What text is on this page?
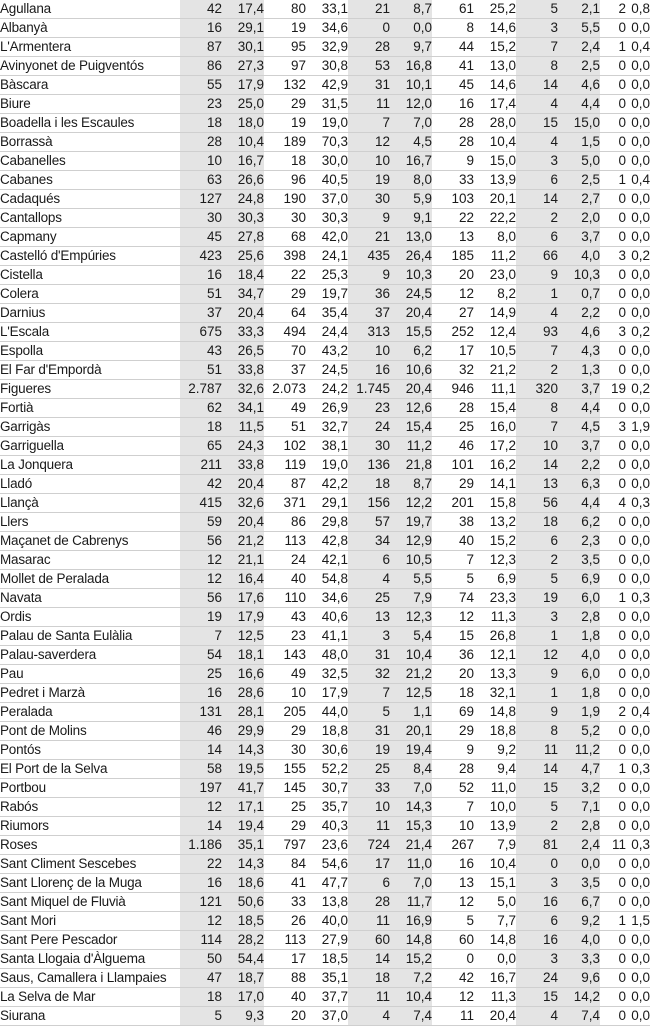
Agullana	42	17,4	80	33,1	21	8,7	61	25,2	5	2,1	2	0,8
Albanyà	16	29,1	19	34,6	0	0,0	8	14,6	3	5,5	0	0,0
L'Armentera	87	30,1	95	32,9	28	9,7	44	15,2	7	2,4	1	0,4
Avinyonet de Puigventós	86	27,3	97	30,8	53	16,8	41	13,0	8	2,5	0	0,0
Bàscara	55	17,9	132	42,9	31	10,1	45	14,6	14	4,6	0	0,0
Biure	23	25,0	29	31,5	11	12,0	16	17,4	4	4,4	0	0,0
Boadella i les Escaules	18	18,0	19	19,0	7	7,0	28	28,0	15	15,0	0	0,0
Borrassà	28	10,4	189	70,3	12	4,5	28	10,4	4	1,5	0	0,0
Cabanelles	10	16,7	18	30,0	10	16,7	9	15,0	3	5,0	0	0,0
Cabanes	63	26,6	96	40,5	19	8,0	33	13,9	6	2,5	1	0,4
Cadaqués	127	24,8	190	37,0	30	5,9	103	20,1	14	2,7	0	0,0
Cantallops	30	30,3	30	30,3	9	9,1	22	22,2	2	2,0	0	0,0
Capmany	45	27,8	68	42,0	21	13,0	13	8,0	6	3,7	0	0,0
Castelló d'Empúries	423	25,6	398	24,1	435	26,4	185	11,2	66	4,0	3	0,2
Cistella	16	18,4	22	25,3	9	10,3	20	23,0	9	10,3	0	0,0
Colera	51	34,7	29	19,7	36	24,5	12	8,2	1	0,7	0	0,0
Darnius	37	20,4	64	35,4	37	20,4	27	14,9	4	2,2	0	0,0
L'Escala	675	33,3	494	24,4	313	15,5	252	12,4	93	4,6	3	0,2
Espolla	43	26,5	70	43,2	10	6,2	17	10,5	7	4,3	0	0,0
El Far d'Empordà	51	33,8	37	24,5	16	10,6	32	21,2	2	1,3	0	0,0
Figueres	2.787	32,6	2.073	24,2	1.745	20,4	946	11,1	320	3,7	19	0,2
Fortià	62	34,1	49	26,9	23	12,6	28	15,4	8	4,4	0	0,0
Garrigàs	18	11,5	51	32,7	24	15,4	25	16,0	7	4,5	3	1,9
Garriguella	65	24,3	102	38,1	30	11,2	46	17,2	10	3,7	0	0,0
La Jonquera	211	33,8	119	19,0	136	21,8	101	16,2	14	2,2	0	0,0
Lladó	42	20,4	87	42,2	18	8,7	29	14,1	13	6,3	0	0,0
Llançà	415	32,6	371	29,1	156	12,2	201	15,8	56	4,4	4	0,3
Llers	59	20,4	86	29,8	57	19,7	38	13,2	18	6,2	0	0,0
Maçanet de Cabrenys	56	21,2	113	42,8	34	12,9	40	15,2	6	2,3	0	0,0
Masarac	12	21,1	24	42,1	6	10,5	7	12,3	2	3,5	0	0,0
Mollet de Peralada	12	16,4	40	54,8	4	5,5	5	6,9	5	6,9	0	0,0
Navata	56	17,6	110	34,6	25	7,9	74	23,3	19	6,0	1	0,3
Ordis	19	17,9	43	40,6	13	12,3	12	11,3	3	2,8	0	0,0
Palau de Santa Eulàlia	7	12,5	23	41,1	3	5,4	15	26,8	1	1,8	0	0,0
Palau-saverdera	54	18,1	143	48,0	31	10,4	36	12,1	12	4,0	0	0,0
Pau	25	16,6	49	32,5	32	21,2	20	13,3	9	6,0	0	0,0
Pedret i Marzà	16	28,6	10	17,9	7	12,5	18	32,1	1	1,8	0	0,0
Peralada	131	28,1	205	44,0	5	1,1	69	14,8	9	1,9	2	0,4
Pont de Molins	46	29,9	29	18,8	31	20,1	29	18,8	8	5,2	0	0,0
Pontós	14	14,3	30	30,6	19	19,4	9	9,2	11	11,2	0	0,0
El Port de la Selva	58	19,5	155	52,2	25	8,4	28	9,4	14	4,7	1	0,3
Portbou	197	41,7	145	30,7	33	7,0	52	11,0	15	3,2	0	0,0
Rabós	12	17,1	25	35,7	10	14,3	7	10,0	5	7,1	0	0,0
Riumors	14	19,4	29	40,3	11	15,3	10	13,9	2	2,8	0	0,0
Roses	1.186	35,1	797	23,6	724	21,4	267	7,9	81	2,4	11	0,3
Sant Climent Sescebes	22	14,3	84	54,6	17	11,0	16	10,4	0	0,0	0	0,0
Sant Llorenç de la Muga	16	18,6	41	47,7	6	7,0	13	15,1	3	3,5	0	0,0
Sant Miquel de Fluvià	121	50,6	33	13,8	28	11,7	12	5,0	16	6,7	0	0,0
Sant Mori	12	18,5	26	40,0	11	16,9	5	7,7	6	9,2	1	1,5
Sant Pere Pescador	114	28,2	113	27,9	60	14,8	60	14,8	16	4,0	0	0,0
Santa Llogaia d'Àlguema	50	54,4	17	18,5	14	15,2	0	0,0	3	3,3	0	0,0
Saus, Camallera i Llampaies	47	18,7	88	35,1	18	7,2	42	16,7	24	9,6	0	0,0
La Selva de Mar	18	17,0	40	37,7	11	10,4	12	11,3	15	14,2	0	0,0
Siurana	5	9,3	20	37,0	4	7,4	11	20,4	4	7,4	0	0,0
